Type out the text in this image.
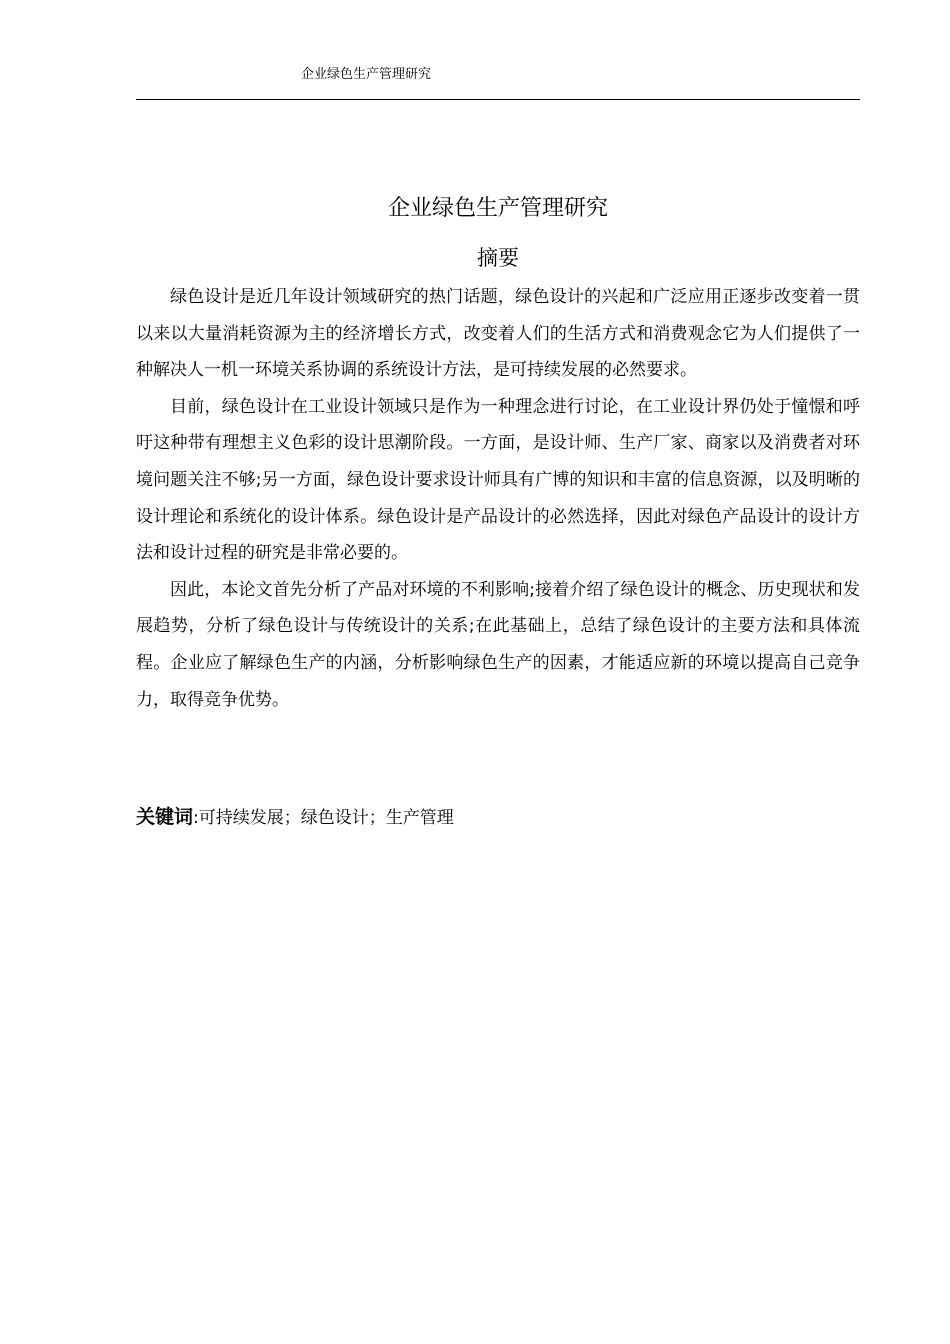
企业绿色生产管理研究
企业绿色生产管理研究
摘要

绿色设计是近几年设计领域研究的热门话题，绿色设计的兴起和广泛应用正逐步改变着一贯以来以大量消耗资源为主的经济增长方式，改变着人们的生活方式和消费观念它为人们提供了一种解决人一机一环境关系协调的系统设计方法，是可持续发展的必然要求。

目前，绿色设计在工业设计领域只是作为一种理念进行讨论，在工业设计界仍处于憧憬和呼吁这种带有理想主义色彩的设计思潮阶段。一方面，是设计师、生产厂家、商家以及消费者对环境问题关注不够;另一方面，绿色设计要求设计师具有广博的知识和丰富的信息资源，以及明晰的设计理论和系统化的设计体系。绿色设计是产品设计的必然选择，因此对绿色产品设计的设计方法和设计过程的研究是非常必要的。

因此，本论文首先分析了产品对环境的不利影响;接着介绍了绿色设计的概念、历史现状和发展趋势，分析了绿色设计与传统设计的关系;在此基础上，总结了绿色设计的主要方法和具体流程。企业应了解绿色生产的内涵，分析影响绿色生产的因素，才能适应新的环境以提高自己竞争力，取得竞争优势。

关键词:可持续发展；绿色设计；生产管理
